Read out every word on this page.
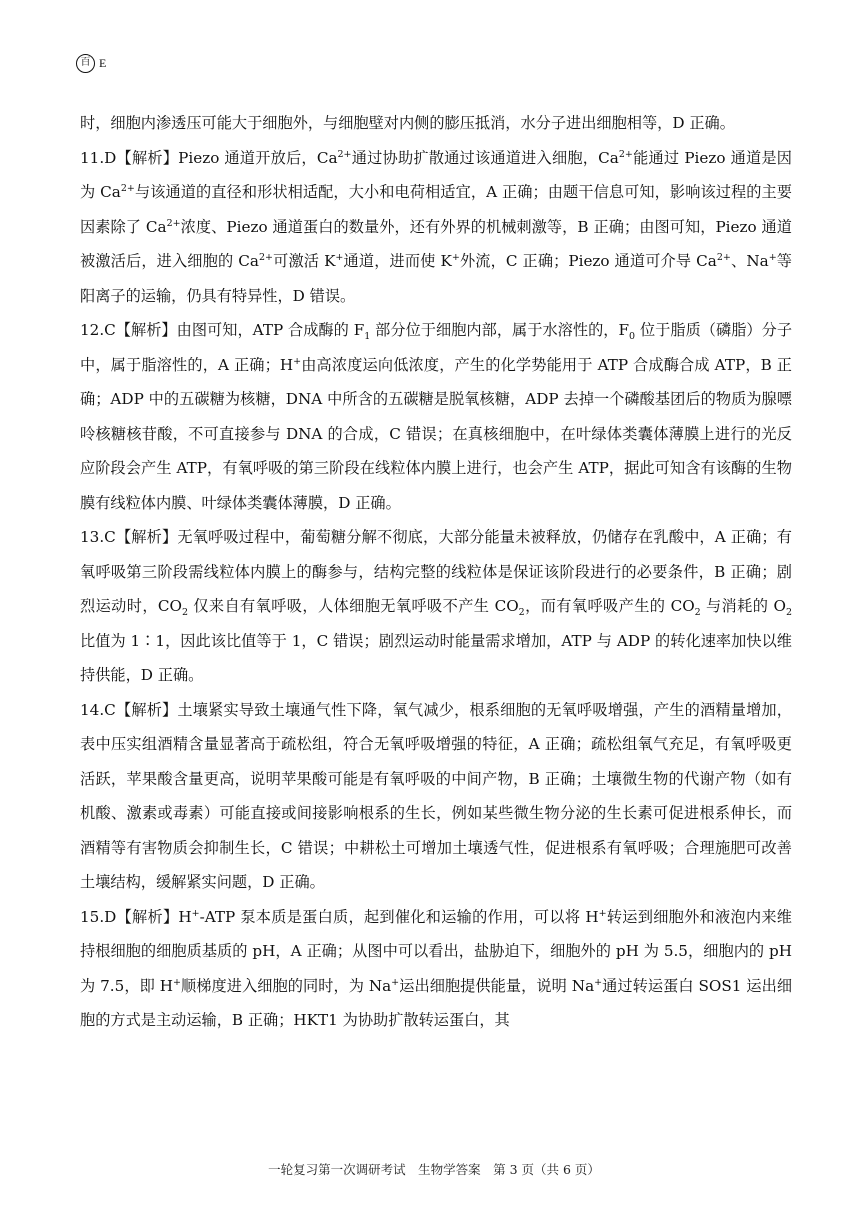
百 E

时，细胞内渗透压可能大于细胞外，与细胞壁对内侧的膨压抵消，水分子进出细胞相等，D 正确。

11.D【解析】Piezo 通道开放后，$Ca^{2+}$通过协助扩散通过该通道进入细胞，$Ca^{2+}$能通过 Piezo 通道是因为 $Ca^{2+}$与该通道的直径和形状相适配，大小和电荷相适宜，A 正确；由题干信息可知，影响该过程的主要因素除了 $Ca^{2+}$浓度、Piezo 通道蛋白的数量外，还有外界的机械刺激等，B 正确；由图可知，Piezo 通道被激活后，进入细胞的 $Ca^{2+}$可激活 K+通道，进而使 K+外流，C 正确；Piezo 通道可介导 $Ca^{2+}$、Na+等阳离子的运输，仍具有特异性，D 错误。

12.C【解析】由图可知，ATP 合成酶的 $F_1$ 部分位于细胞内部，属于水溶性的，$F_0$ 位于脂质（磷脂）分子中，属于脂溶性的，A 正确；H+由高浓度运向低浓度，产生的化学势能用于 ATP 合成酶合成 ATP，B 正确；ADP 中的五碳糖为核糖，DNA 中所含的五碳糖是脱氧核糖，ADP 去掉一个磷酸基团后的物质为腺嘌呤核糖核苷酸，不可直接参与 DNA 的合成，C 错误；在真核细胞中，在叶绿体类囊体薄膜上进行的光反应阶段会产生 ATP，有氧呼吸的第三阶段在线粒体内膜上进行，也会产生 ATP，据此可知含有该酶的生物膜有线粒体内膜、叶绿体类囊体薄膜，D 正确。

13.C【解析】无氧呼吸过程中，葡萄糖分解不彻底，大部分能量未被释放，仍储存在乳酸中，A 正确；有氧呼吸第三阶段需线粒体内膜上的酶参与，结构完整的线粒体是保证该阶段进行的必要条件，B 正确；剧烈运动时，$CO_2$ 仅来自有氧呼吸，人体细胞无氧呼吸不产生 $CO_2$，而有氧呼吸产生的 $CO_2$ 与消耗的 $O_2$ 比值为 1∶1，因此该比值等于 1，C 错误；剧烈运动时能量需求增加，ATP 与 ADP 的转化速率加快以维持供能，D 正确。

14.C【解析】土壤紧实导致土壤通气性下降，氧气减少，根系细胞的无氧呼吸增强，产生的酒精量增加，表中压实组酒精含量显著高于疏松组，符合无氧呼吸增强的特征，A 正确；疏松组氧气充足，有氧呼吸更活跃，苹果酸含量更高，说明苹果酸可能是有氧呼吸的中间产物，B 正确；土壤微生物的代谢产物（如有机酸、激素或毒素）可能直接或间接影响根系的生长，例如某些微生物分泌的生长素可促进根系伸长，而酒精等有害物质会抑制生长，C 错误；中耕松土可增加土壤透气性，促进根系有氧呼吸；合理施肥可改善土壤结构，缓解紧实问题，D 正确。

15.D【解析】H+-ATP 泵本质是蛋白质，起到催化和运输的作用，可以将 H+转运到细胞外和液泡内来维持根细胞的细胞质基质的 pH，A 正确；从图中可以看出，盐胁迫下，细胞外的 pH 为 5.5，细胞内的 pH 为 7.5，即 H+顺梯度进入细胞的同时，为 Na+运出细胞提供能量，说明 Na+通过转运蛋白 SOS1 运出细胞的方式是主动运输，B 正确；HKT1 为协助扩散转运蛋白，其

一轮复习第一次调研考试　生物学答案　第 3 页（共 6 页）
